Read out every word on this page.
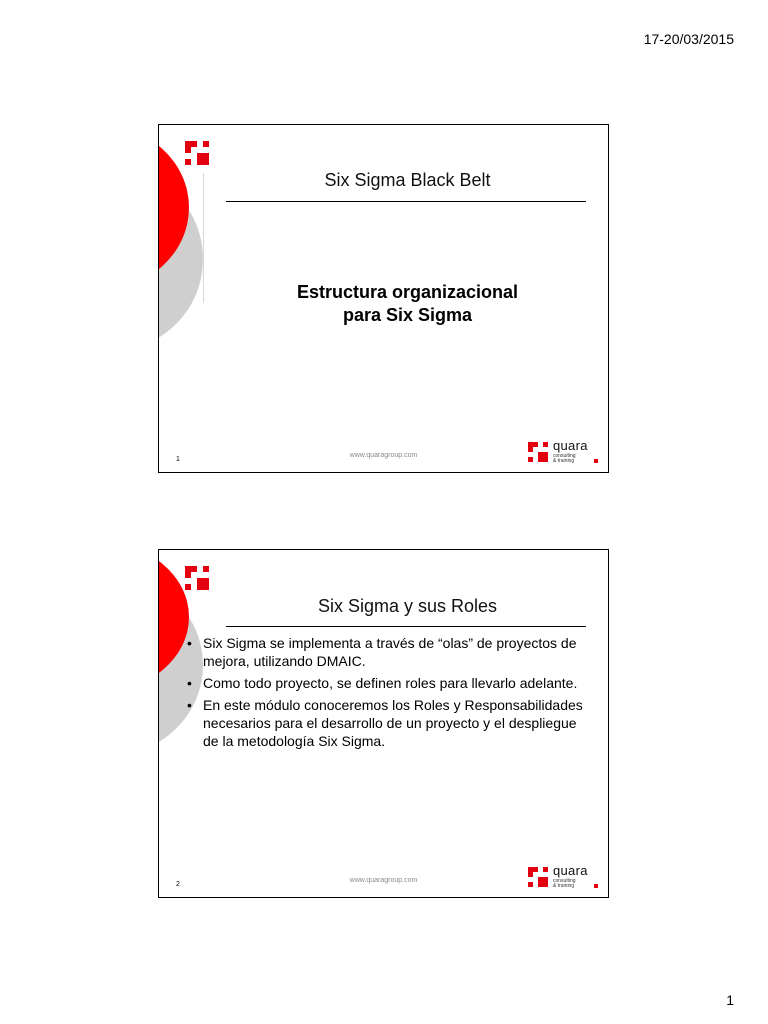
17-20/03/2015
Six Sigma Black Belt
Estructura organizacional
para Six Sigma
1
www.quaragroup.com
quara
consulting
& training
Six Sigma y sus Roles
• Six Sigma se implementa a través de “olas” de proyectos de mejora, utilizando DMAIC.
• Como todo proyecto, se definen roles para llevarlo adelante.
• En este módulo conoceremos los Roles y Responsabilidades necesarios para el desarrollo de un proyecto y el despliegue de la metodología Six Sigma.
2
www.quaragroup.com
quara
consulting
& training
1
